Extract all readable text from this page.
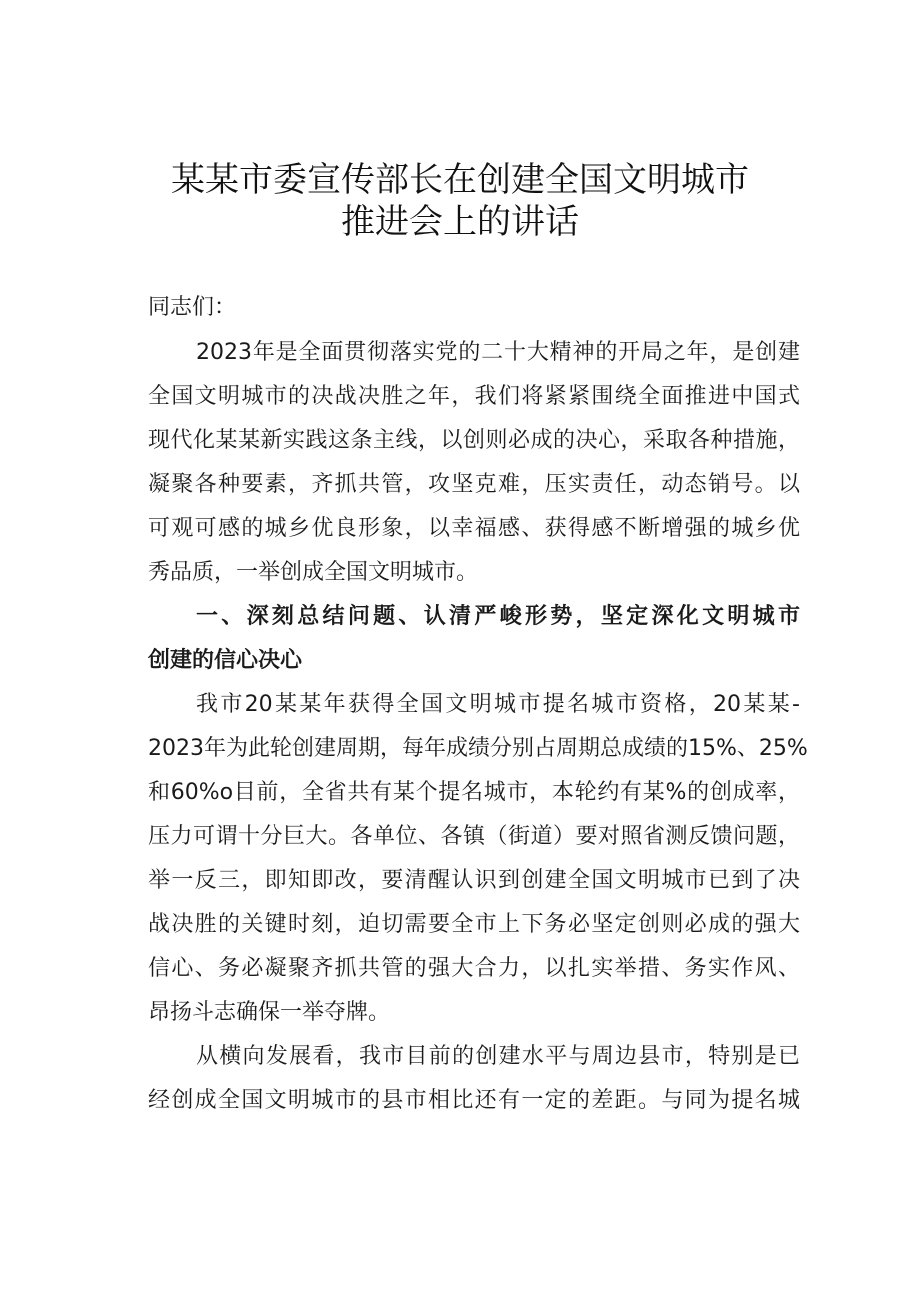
某某市委宣传部长在创建全国文明城市
推进会上的讲话
同志们：
2023年是全面贯彻落实党的二十大精神的开局之年，是创建
全国文明城市的决战决胜之年，我们将紧紧围绕全面推进中国式
现代化某某新实践这条主线，以创则必成的决心，采取各种措施，
凝聚各种要素，齐抓共管，攻坚克难，压实责任，动态销号。以
可观可感的城乡优良形象，以幸福感、获得感不断增强的城乡优
秀品质，一举创成全国文明城市。
一、深刻总结问题、认清严峻形势，坚定深化文明城市
创建的信心决心
我市20某某年获得全国文明城市提名城市资格，20某某-
2023年为此轮创建周期，每年成绩分别占周期总成绩的15%、25%
和60%o目前，全省共有某个提名城市，本轮约有某%的创成率，
压力可谓十分巨大。各单位、各镇（街道）要对照省测反馈问题，
举一反三，即知即改，要清醒认识到创建全国文明城市已到了决
战决胜的关键时刻，迫切需要全市上下务必坚定创则必成的强大
信心、务必凝聚齐抓共管的强大合力，以扎实举措、务实作风、
昂扬斗志确保一举夺牌。
从横向发展看，我市目前的创建水平与周边县市，特别是已
经创成全国文明城市的县市相比还有一定的差距。与同为提名城
